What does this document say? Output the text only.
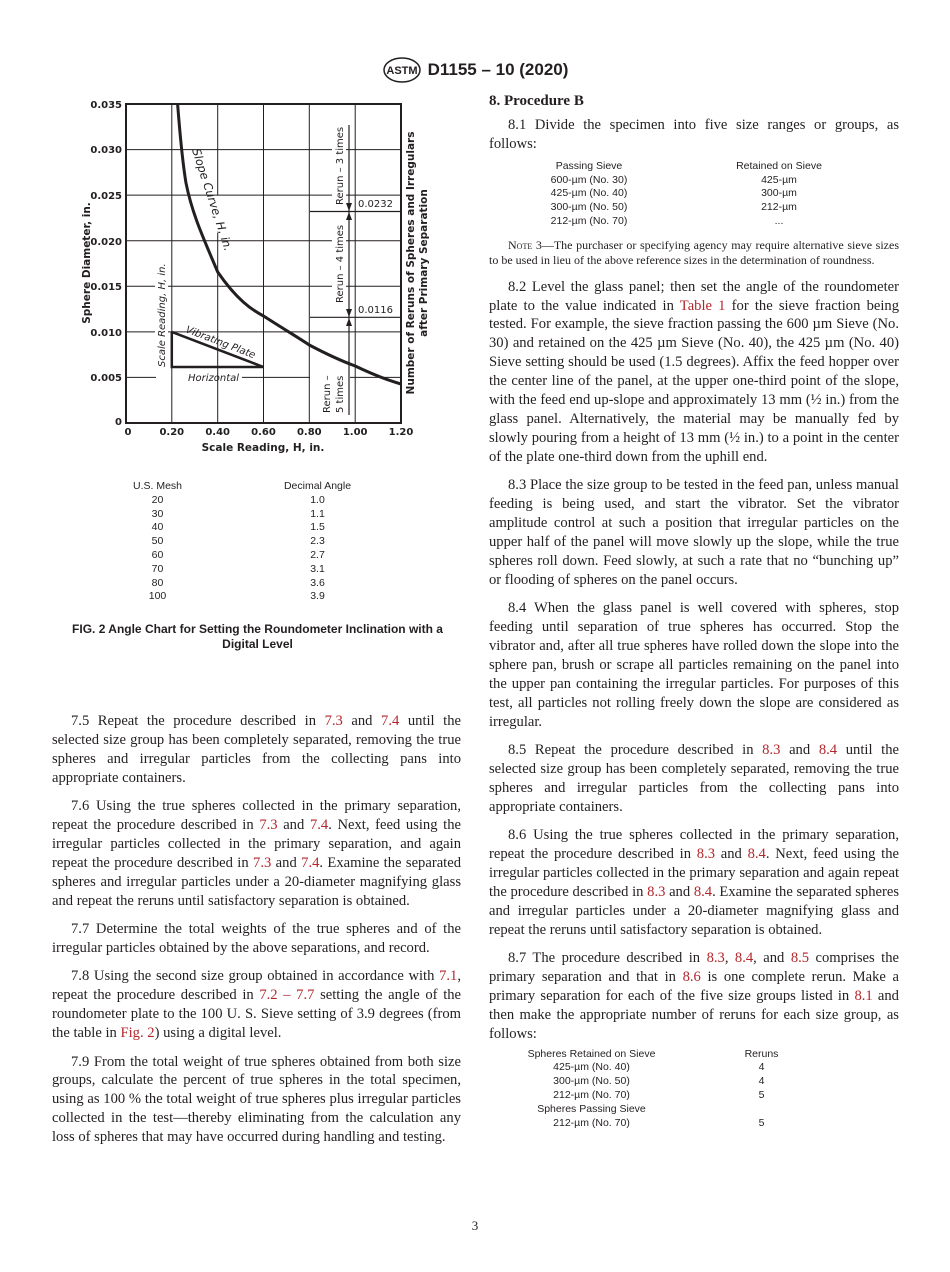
ASTM D1155 – 10 (2020)
0.0232
0.0116
Rerun – 3 times
Rerun – 4 times
Rerun – 5 times
Slope Curve, H, in.
Scale Reading, H, in. Vibrating Plate
Horizontal
0.035
0.030
0.025
0.020
0.015
0.010
0.005
0
0	0.20 0.40 0.60 0.80 1.00 1.20
Scale Reading, H, in.
Sphere Diameter, in.	Number of Reruns of Spheres and Irregulars after Primary Separation
U.S. Mesh	Decimal Angle
20	1.0
30	1.1
40	1.5
50	2.3
60	2.7
70	3.1
80	3.6
100	3.9
FIG. 2 Angle Chart for Setting the Roundometer Inclination with a
Digital Level

7.5 Repeat the procedure described in 7.3 and 7.4 until the selected size group has been completely separated, removing the true spheres and irregular particles from the collecting pans into appropriate containers.

7.6 Using the true spheres collected in the primary separation, repeat the procedure described in 7.3 and 7.4. Next, feed using the irregular particles collected in the primary separation, and again repeat the procedure described in 7.3 and 7.4. Examine the separated spheres and irregular particles under a 20-diameter magnifying glass and repeat the reruns until satisfactory separation is obtained.

7.7 Determine the total weights of the true spheres and of the irregular particles obtained by the above separations, and record.

7.8 Using the second size group obtained in accordance with 7.1, repeat the procedure described in 7.2 – 7.7 setting the angle of the roundometer plate to the 100 U. S. Sieve setting of 3.9 degrees (from the table in Fig. 2) using a digital level.

7.9 From the total weight of true spheres obtained from both size groups, calculate the percent of true spheres in the total specimen, using as 100 % the total weight of true spheres plus irregular particles collected in the test—thereby eliminating from the calculation any loss of spheres that may have occurred during handling and testing.

8. Procedure B

8.1 Divide the specimen into five size ranges or groups, as follows:

Passing Sieve	Retained on Sieve
600-µm (No. 30)	425-µm
425-µm (No. 40)	300-µm
300-µm (No. 50)	212-µm
212-µm (No. 70)	...

Note 3—The purchaser or specifying agency may require alternative sieve sizes to be used in lieu of the above reference sizes in the determination of roundness.

8.2 Level the glass panel; then set the angle of the roundometer plate to the value indicated in Table 1 for the sieve fraction being tested. For example, the sieve fraction passing the 600 µm Sieve (No. 30) and retained on the 425 µm Sieve (No. 40), the 425 µm (No. 40) Sieve setting should be used (1.5 degrees). Affix the feed hopper over the center line of the panel, at the upper one-third point of the slope, with the feed end up-slope and approximately 13 mm (½ in.) from the glass panel. Alternatively, the material may be manually fed by slowly pouring from a height of 13 mm (½ in.) to a point in the center of the plate one-third down from the uphill end.

8.3 Place the size group to be tested in the feed pan, unless manual feeding is being used, and start the vibrator. Set the vibrator amplitude control at such a position that irregular particles on the upper half of the panel will move slowly up the slope, while the true spheres roll down. Feed slowly, at such a rate that no “bunching up” or flooding of spheres on the panel occurs.

8.4 When the glass panel is well covered with spheres, stop feeding until separation of true spheres has occurred. Stop the vibrator and, after all true spheres have rolled down the slope into the sphere pan, brush or scrape all particles remaining on the panel into the upper pan containing the irregular particles. For purposes of this test, all particles not rolling freely down the slope are considered as irregular.

8.5 Repeat the procedure described in 8.3 and 8.4 until the selected size group has been completely separated, removing the true spheres and irregular particles from the collecting pans into appropriate containers.

8.6 Using the true spheres collected in the primary separation, repeat the procedure described in 8.3 and 8.4. Next, feed using the irregular particles collected in the primary separation and again repeat the procedure described in 8.3 and 8.4. Examine the separated spheres and irregular particles under a 20-diameter magnifying glass and repeat the reruns until satisfactory separation is obtained.

8.7 The procedure described in 8.3, 8.4, and 8.5 comprises the primary separation and that in 8.6 is one complete rerun. Make a primary separation for each of the five size groups listed in 8.1 and then make the appropriate number of reruns for each size group, as follows:

Spheres Retained on Sieve	Reruns
425-µm (No. 40)	4
300-µm (No. 50)	4
212-µm (No. 70)	5
Spheres Passing Sieve	
212-µm (No. 70)	5
3
